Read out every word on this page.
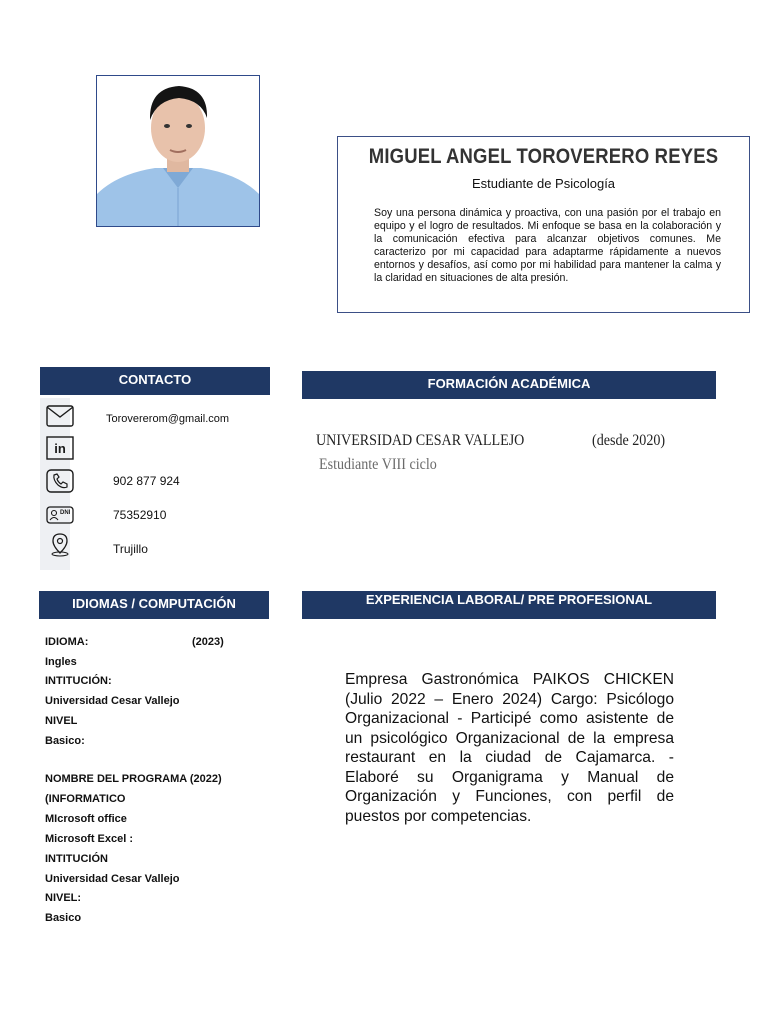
MIGUEL ANGEL TOROVERERO REYES
Estudiante de Psicología
Soy una persona dinámica y proactiva, con una pasión por el trabajo en equipo y el logro de resultados. Mi enfoque se basa en la colaboración y la comunicación efectiva para alcanzar objetivos comunes. Me caracterizo por mi capacidad para adaptarme rápidamente a nuevos entornos y desafíos, así como por mi habilidad para mantener la calma y la claridad en situaciones de alta presión.
CONTACTO
Torovererom@gmail.com
in
902 877 924
DNI	75352910
Trujillo
FORMACIÓN ACADÉMICA
UNIVERSIDAD CESAR VALLEJO	(desde 2020)
Estudiante VIII ciclo
IDIOMAS / COMPUTACIÓN
IDIOMA:	(2023)
Ingles
INTITUCIÓN:
Universidad Cesar Vallejo
NIVEL
Basico:
NOMBRE DEL PROGRAMA (2022)
(INFORMATICO
MIcrosoft office
Microsoft Excel :
INTITUCIÓN
Universidad Cesar Vallejo
NIVEL:
Basico
EXPERIENCIA LABORAL/ PRE PROFESIONAL
Empresa Gastronómica PAIKOS CHICKEN (Julio 2022 – Enero 2024) Cargo: Psicólogo Organizacional - Participé como asistente de un psicológico Organizacional de la empresa restaurant en la ciudad de Cajamarca. - Elaboré su Organigrama y Manual de Organización y Funciones, con perfil de puestos por competencias.
